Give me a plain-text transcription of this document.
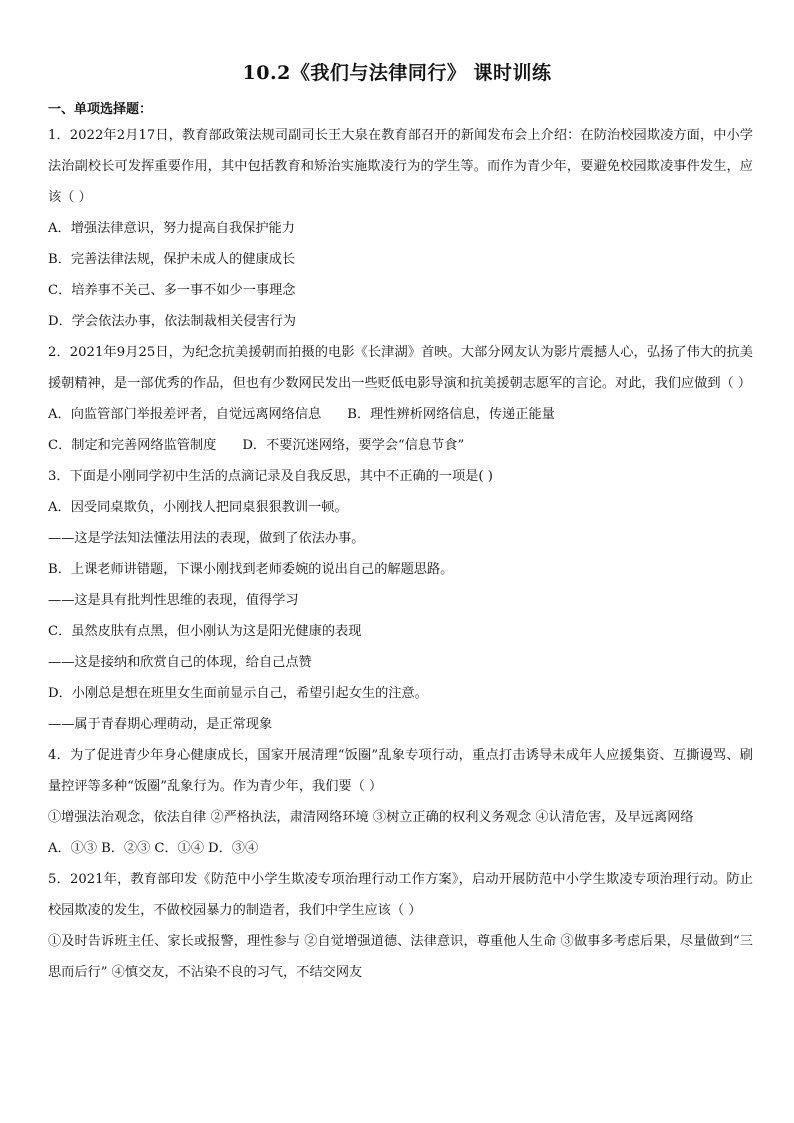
10.2《我们与法律同行》 课时训练
一、单项选择题：

1．2022年2月17日，教育部政策法规司副司长王大泉在教育部召开的新闻发布会上介绍：在防治校园欺凌方面，中小学法治副校长可发挥重要作用，其中包括教育和矫治实施欺凌行为的学生等。而作为青少年，要避免校园欺凌事件发生，应该（ ）

A．增强法律意识，努力提高自我保护能力

B．完善法律法规，保护未成人的健康成长

C．培养事不关己、多一事不如少一事理念

D．学会依法办事，依法制裁相关侵害行为

2．2021年9月25日，为纪念抗美援朝而拍摄的电影《长津湖》首映。大部分网友认为影片震撼人心，弘扬了伟大的抗美援朝精神，是一部优秀的作品，但也有少数网民发出一些贬低电影导演和抗美援朝志愿军的言论。对此，我们应做到（ ）

A．向监管部门举报差评者，自觉远离网络信息 B．理性辨析网络信息，传递正能量
C．制定和完善网络监管制度 D．不要沉迷网络，要学会“信息节食”

3．下面是小刚同学初中生活的点滴记录及自我反思，其中不正确的一项是( )

A．因受同桌欺负，小刚找人把同桌狠狠教训一顿。

——这是学法知法懂法用法的表现，做到了依法办事。

B．上课老师讲错题，下课小刚找到老师委婉的说出自己的解题思路。

——这是具有批判性思维的表现，值得学习

C．虽然皮肤有点黑，但小刚认为这是阳光健康的表现

——这是接纳和欣赏自己的体现，给自己点赞

D．小刚总是想在班里女生面前显示自己，希望引起女生的注意。

——属于青春期心理萌动，是正常现象

4．为了促进青少年身心健康成长，国家开展清理“饭圈”乱象专项行动，重点打击诱导未成年人应援集资、互撕谩骂、刷量控评等多种“饭圈”乱象行为。作为青少年，我们要（ ）

①增强法治观念，依法自律 ②严格执法，肃清网络环境 ③树立正确的权利义务观念 ④认清危害，及早远离网络

A．①③ B．②③ C．①④ D．③④

5．2021年，教育部印发《防范中小学生欺凌专项治理行动工作方案》，启动开展防范中小学生欺凌专项治理行动。防止校园欺凌的发生，不做校园暴力的制造者，我们中学生应该（ ）

①及时告诉班主任、家长或报警，理性参与 ②自觉增强道德、法律意识，尊重他人生命 ③做事多考虑后果，尽量做到“三思而后行” ④慎交友，不沾染不良的习气，不结交网友
